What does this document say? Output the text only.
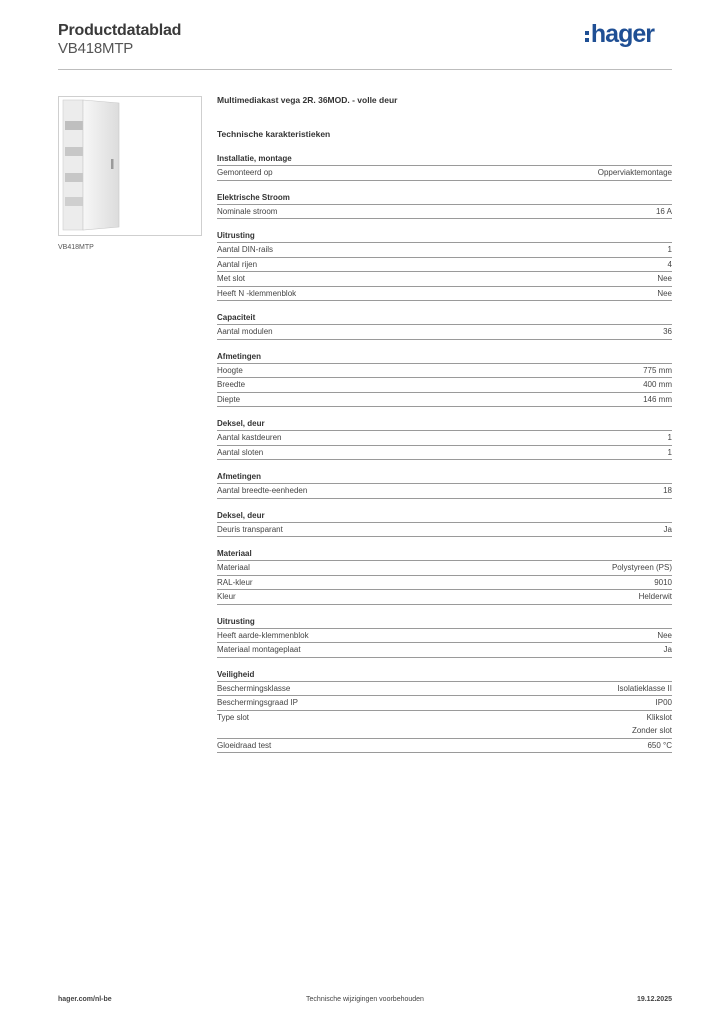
Productdatablad
VB418MTP
hager
VB418MTP
Multimediakast vega 2R. 36MOD. - volle deur
Technische karakteristieken
Installatie, montage
Gemonteerd op	Opperviaktemontage
Elektrische Stroom
Nominale stroom	16 A
Uitrusting
Aantal DIN-rails	1
Aantal rijen	4
Met slot	Nee
Heeft N -klemmenblok	Nee
Capaciteit
Aantal modulen	36
Afmetingen
Hoogte	775 mm
Breedte	400 mm
Diepte	146 mm
Deksel, deur
Aantal kastdeuren	1
Aantal sloten	1
Afmetingen
Aantal breedte-eenheden	18
Deksel, deur
Deuris transparant	Ja
Materiaal
Materiaal	Polystyreen (PS)
RAL-kleur	9010
Kleur	Helderwit
Uitrusting
Heeft aarde-klemmenblok	Nee
Materiaal montageplaat	Ja
Veiligheid
Beschermingsklasse	Isolatieklasse II
Beschermingsgraad IP	IP00
Type slot	Klikslot
Zonder slot
Gloeidraad test	650 °C
hager.com/nl-be	Technische wijzigingen voorbehouden	19.12.2025
